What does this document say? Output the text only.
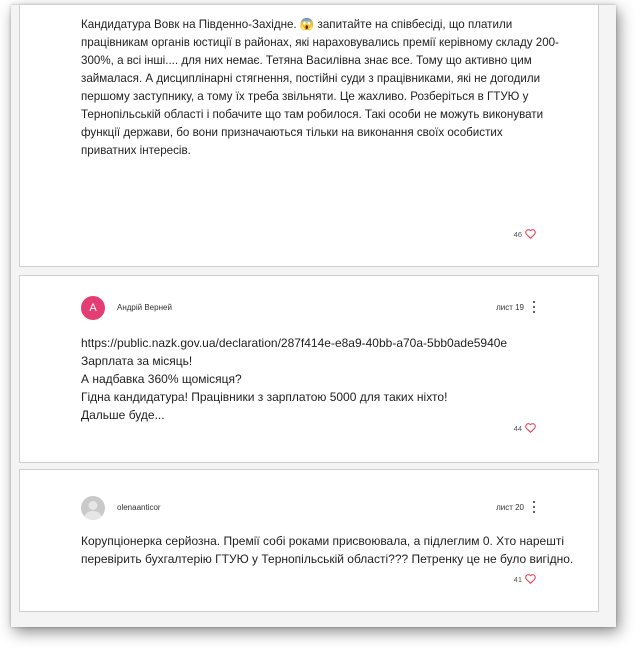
Кандидатура Вовк на Південно-Західне. 😱 запитайте на співбесіді, що платили
працівникам органів юстиції в районах, які нараховувались премії керівному складу 200-
300%, а всі інші.... для них немає. Тетяна Василівна знає все. Тому що активно цим
займалася. А дисциплінарні стягнення, постійні суди з працівниками, які не догодили
першому заступнику, а тому їх треба звільняти. Це жахливо. Розберіться в ГТУЮ у
Тернопільській області і побачите що там робилося. Такі особи не можуть виконувати
функції держави, бо вони призначаються тільки на виконання своїх особистих
приватних інтересів.
46
A	Андрій Верней	лист 19
https://public.nazk.gov.ua/declaration/287f414e-e8a9-40bb-a70a-5bb0ade5940e
Зарплата за місяць!
А надбавка 360% щомісяця?
Гідна кандидатура! Працівники з зарплатою 5000 для таких ніхто!
Дальше буде...
44
olenaanticor	лист 20
Корупціонерка серйозна. Премії собі роками присвоювала, а підлеглим 0. Хто нарешті
перевірить бухгалтерію ГТУЮ у Тернопільській області??? Петренку це не було вигідно.
41
